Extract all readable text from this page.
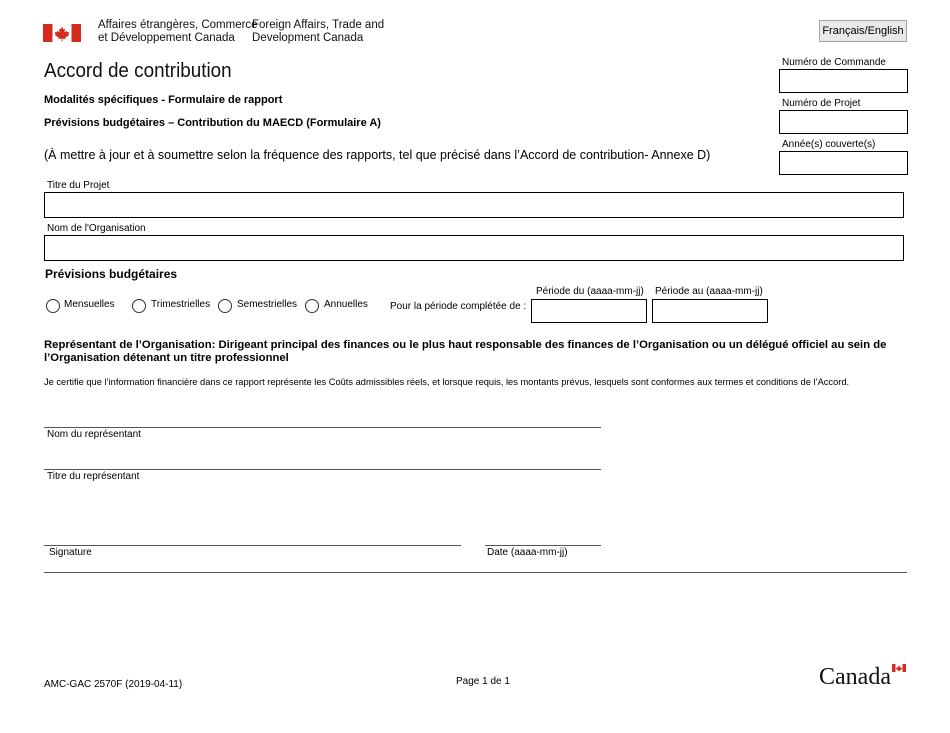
Affaires étrangères, Commerce
et Développement Canada
Foreign Affairs, Trade and
Development Canada
Français/English
Accord de contribution
Modalités spécifiques - Formulaire de rapport
Prévisions budgétaires – Contribution du MAECD (Formulaire A)
(À mettre à jour et à soumettre selon la fréquence des rapports, tel que précisé dans l’Accord de contribution- Annexe D)
Numéro de Commande
Numéro de Projet
Année(s) couverte(s)
Titre du Projet
Nom de l'Organisation
Prévisions budgétaires
Mensuelles	Trimestrielles	Semestrielles	Annuelles Pour la période complétée de :
Période du (aaaa-mm-jj) Période au (aaaa-mm-jj)
Représentant de l’Organisation: Dirigeant principal des finances ou le plus haut responsable des finances de l’Organisation ou un délégué officiel au sein de l’Organisation détenant un titre professionnel
Je certifie que l’information financière dans ce rapport représente les Coûts admissibles réels, et lorsque requis, les montants prévus, lesquels sont conformes aux termes et conditions de l’Accord.
Nom du représentant
Titre du représentant
Signature	Date (aaaa-mm-jj)
AMC-GAC 2570F (2019-04-11)	Page 1 de 1	Canada
